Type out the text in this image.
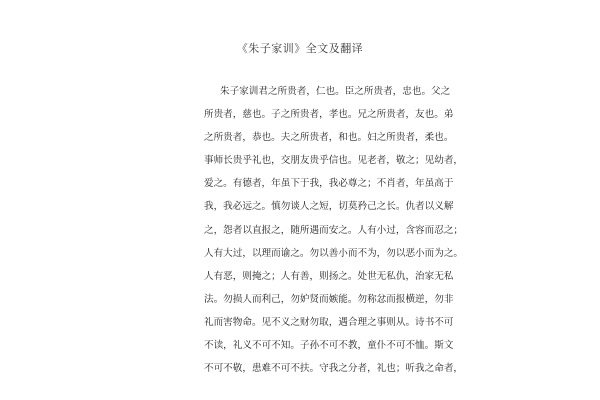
《朱子家训》全文及翻译
朱子家训君之所贵者，仁也。臣之所贵者，忠也。父之
所贵者，慈也。子之所贵者，孝也。兄之所贵者，友也。弟
之所贵者，恭也。夫之所贵者，和也。妇之所贵者，柔也。
事师长贵乎礼也，交朋友贵乎信也。见老者，敬之；见幼者，
爱之。有德者，年虽下于我，我必尊之；不肖者，年虽高于
我，我必远之。慎勿谈人之短，切莫矜己之长。仇者以义解
之，怨者以直报之，随所遇而安之。人有小过，含容而忍之；
人有大过，以理而谕之。勿以善小而不为，勿以恶小而为之。
人有恶，则掩之；人有善，则扬之。处世无私仇，治家无私
法。勿损人而利己，勿妒贤而嫉能。勿称忿而报横逆，勿非
礼而害物命。见不义之财勿取，遇合理之事则从。诗书不可
不读，礼义不可不知。子孙不可不教，童仆不可不恤。斯文
不可不敬，患难不可不扶。守我之分者，礼也；听我之命者，
